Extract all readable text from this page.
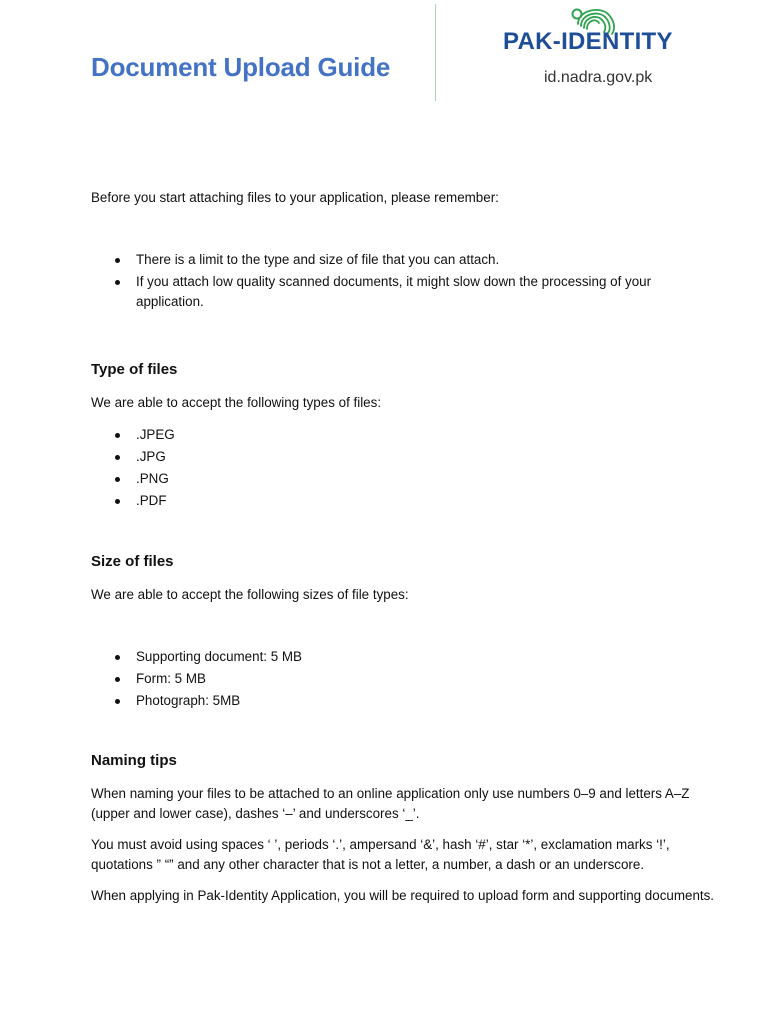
Document Upload Guide
PAK-IDENTITY
id.nadra.gov.pk

Before you start attaching files to your application, please remember:

There is a limit to the type and size of file that you can attach.
If you attach low quality scanned documents, it might slow down the processing of your application.
Type of files

We are able to accept the following types of files:

.JPEG
.JPG
.PNG
.PDF
Size of files

We are able to accept the following sizes of file types:

Supporting document: 5 MB
Form: 5 MB
Photograph: 5MB
Naming tips

When naming your files to be attached to an online application only use numbers 0–9 and letters A–Z (upper and lower case), dashes ‘–’ and underscores ‘_’.

You must avoid using spaces ‘ ’, periods ‘.’, ampersand ‘&’, hash ‘#’, star ‘*’, exclamation marks ‘!’, quotations ” “” and any other character that is not a letter, a number, a dash or an underscore.

When applying in Pak-Identity Application, you will be required to upload form and supporting documents.
